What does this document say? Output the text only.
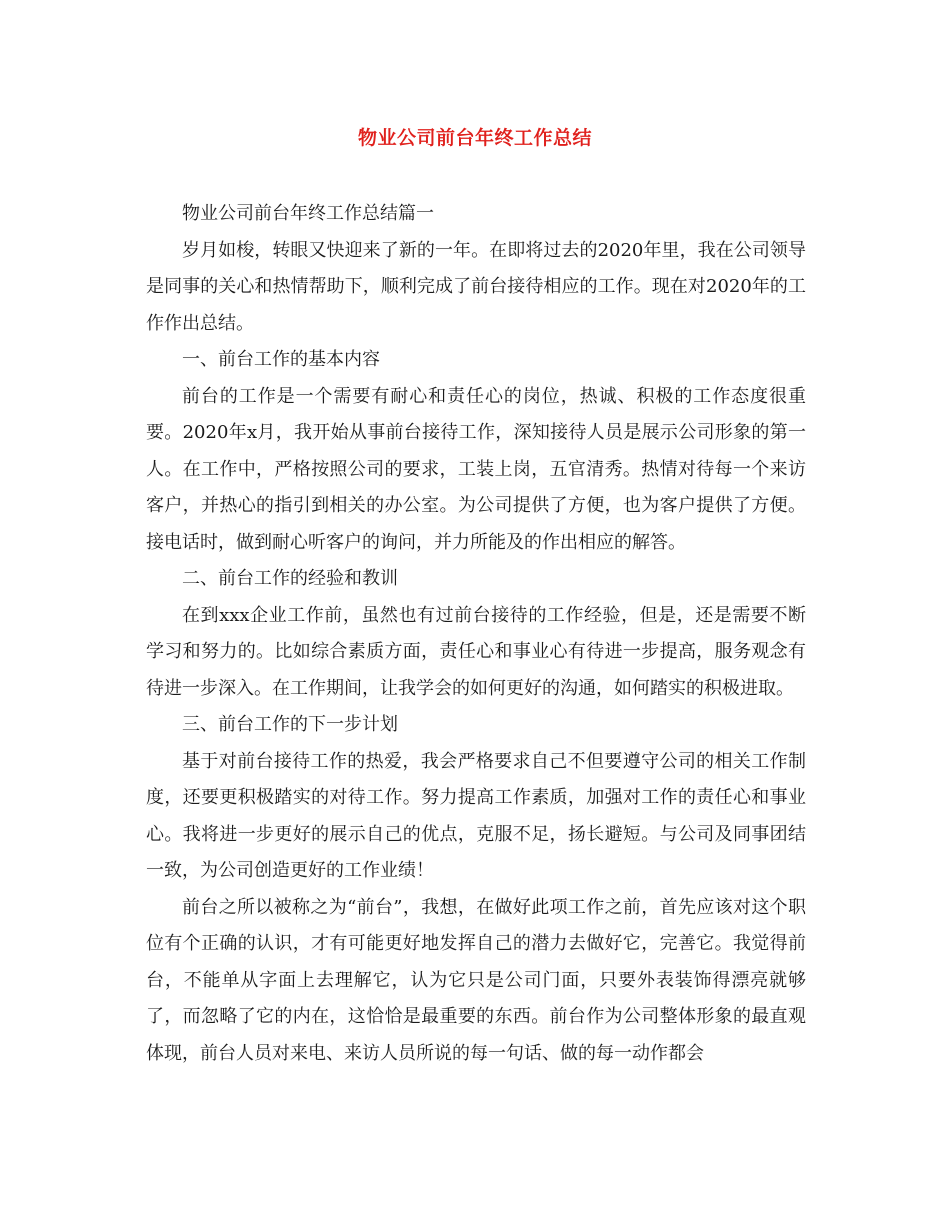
物业公司前台年终工作总结

物业公司前台年终工作总结篇一

岁月如梭，转眼又快迎来了新的一年。在即将过去的2020年里，我在公司领导是同事的关心和热情帮助下，顺利完成了前台接待相应的工作。现在对2020年的工作作出总结。

一、前台工作的基本内容

前台的工作是一个需要有耐心和责任心的岗位，热诚、积极的工作态度很重要。2020年x月，我开始从事前台接待工作，深知接待人员是展示公司形象的第一人。在工作中，严格按照公司的要求，工装上岗，五官清秀。热情对待每一个来访客户，并热心的指引到相关的办公室。为公司提供了方便，也为客户提供了方便。接电话时，做到耐心听客户的询问，并力所能及的作出相应的解答。

二、前台工作的经验和教训

在到xxx企业工作前，虽然也有过前台接待的工作经验，但是，还是需要不断学习和努力的。比如综合素质方面，责任心和事业心有待进一步提高，服务观念有待进一步深入。在工作期间，让我学会的如何更好的沟通，如何踏实的积极进取。

三、前台工作的下一步计划

基于对前台接待工作的热爱，我会严格要求自己不但要遵守公司的相关工作制度，还要更积极踏实的对待工作。努力提高工作素质，加强对工作的责任心和事业心。我将进一步更好的展示自己的优点，克服不足，扬长避短。与公司及同事团结一致，为公司创造更好的工作业绩！

前台之所以被称之为“前台”，我想，在做好此项工作之前，首先应该对这个职位有个正确的认识，才有可能更好地发挥自己的潜力去做好它，完善它。我觉得前台，不能单从字面上去理解它，认为它只是公司门面，只要外表装饰得漂亮就够了，而忽略了它的内在，这恰恰是最重要的东西。前台作为公司整体形象的最直观体现，前台人员对来电、来访人员所说的每一句话、做的每一动作都会
